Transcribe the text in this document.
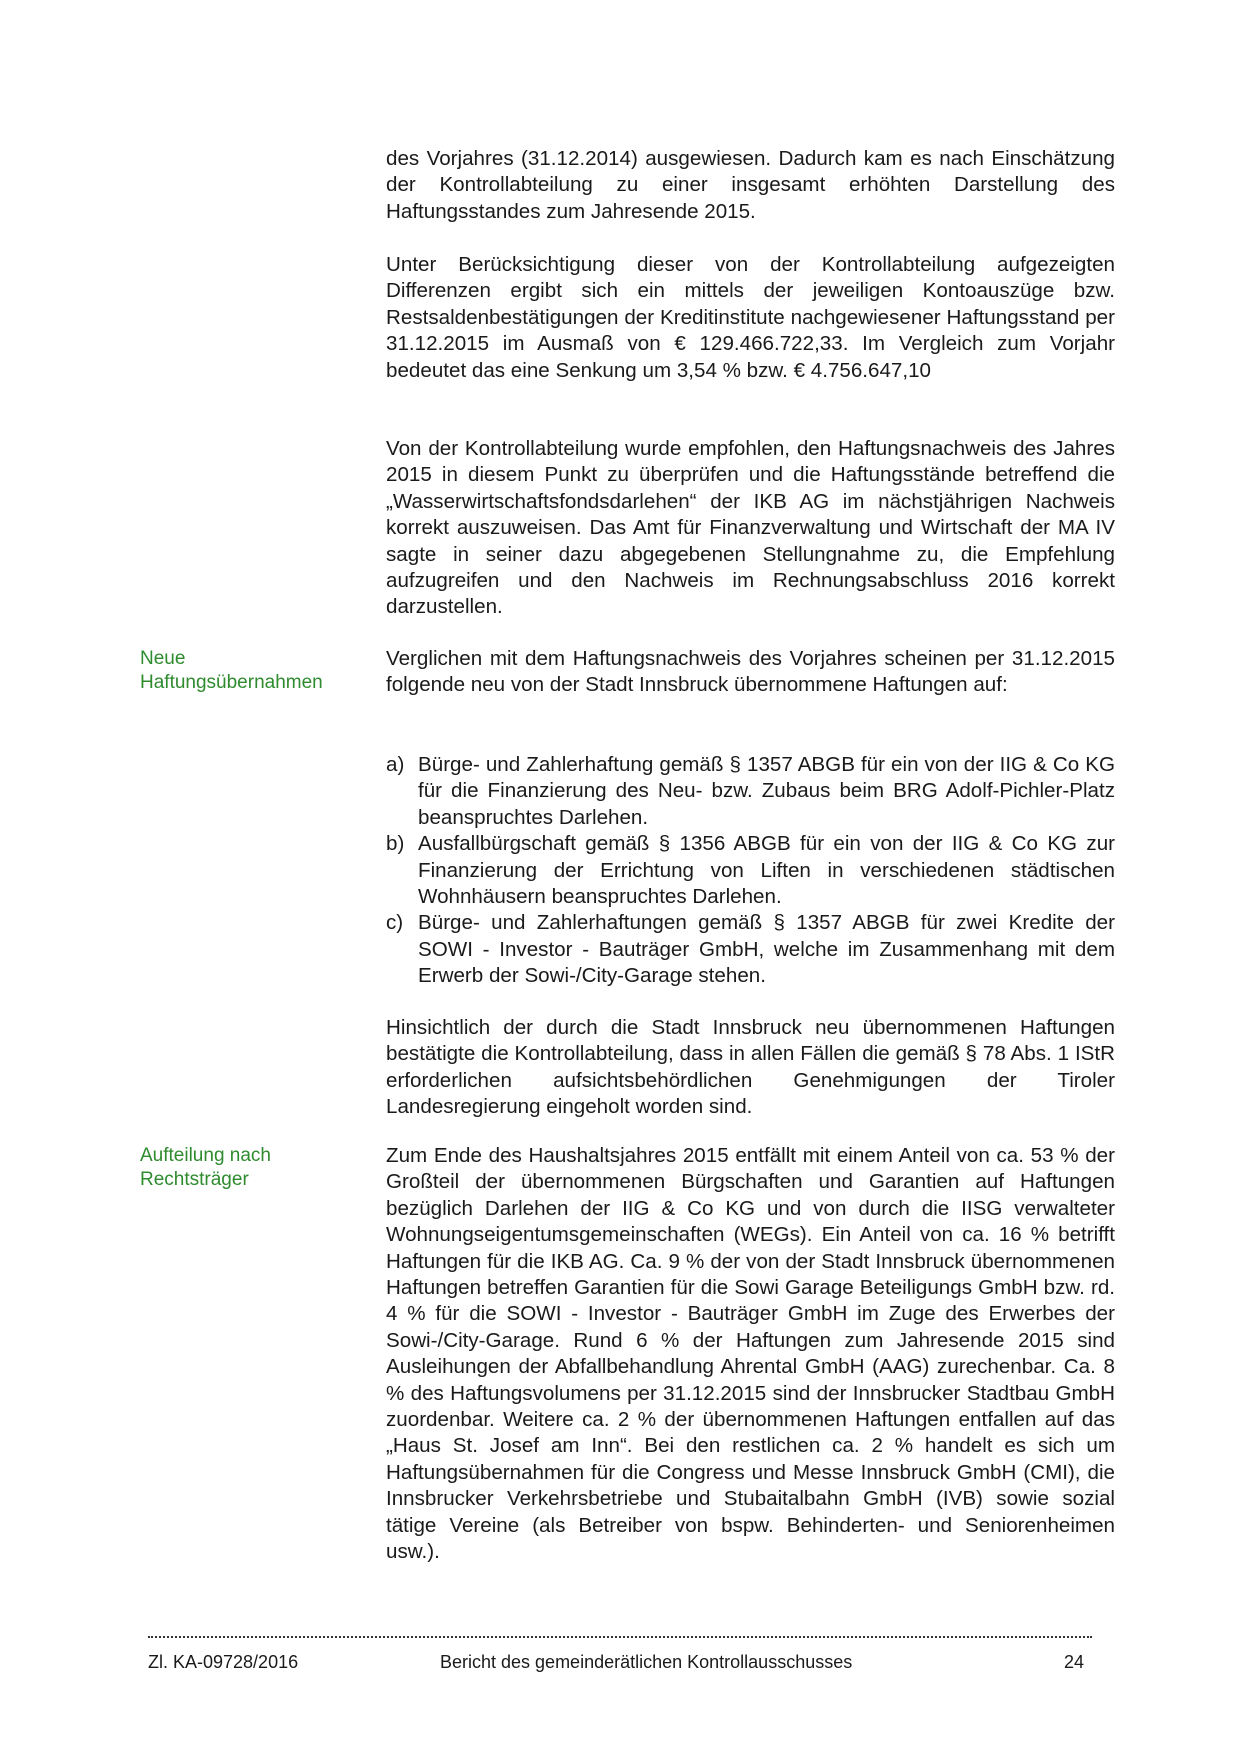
des Vorjahres (31.12.2014) ausgewiesen. Dadurch kam es nach Einschätzung der Kontrollabteilung zu einer insgesamt erhöhten Darstellung des Haftungsstandes zum Jahresende 2015.

Unter Berücksichtigung dieser von der Kontrollabteilung aufgezeigten Differenzen ergibt sich ein mittels der jeweiligen Kontoauszüge bzw. Restsaldenbestätigungen der Kreditinstitute nachgewiesener Haftungsstand per 31.12.2015 im Ausmaß von € 129.466.722,33. Im Vergleich zum Vorjahr bedeutet das eine Senkung um 3,54 % bzw. € 4.756.647,10

Von der Kontrollabteilung wurde empfohlen, den Haftungsnachweis des Jahres 2015 in diesem Punkt zu überprüfen und die Haftungsstände betreffend die „Wasserwirtschaftsfondsdarlehen“ der IKB AG im nächstjährigen Nachweis korrekt auszuweisen. Das Amt für Finanzverwaltung und Wirtschaft der MA IV sagte in seiner dazu abgegebenen Stellungnahme zu, die Empfehlung aufzugreifen und den Nachweis im Rechnungsabschluss 2016 korrekt darzustellen.

Neue
Haftungsübernahmen

Verglichen mit dem Haftungsnachweis des Vorjahres scheinen per 31.12.2015 folgende neu von der Stadt Innsbruck übernommene Haftungen auf:

a) Bürge- und Zahlerhaftung gemäß § 1357 ABGB für ein von der IIG & Co KG für die Finanzierung des Neu- bzw. Zubaus beim BRG Adolf-Pichler-Platz beanspruchtes Darlehen.
b) Ausfallbürgschaft gemäß § 1356 ABGB für ein von der IIG & Co KG zur Finanzierung der Errichtung von Liften in verschiedenen städtischen Wohnhäusern beanspruchtes Darlehen.
c) Bürge- und Zahlerhaftungen gemäß § 1357 ABGB für zwei Kredite der SOWI - Investor - Bauträger GmbH, welche im Zusammenhang mit dem Erwerb der Sowi-/City-Garage stehen.

Hinsichtlich der durch die Stadt Innsbruck neu übernommenen Haftungen bestätigte die Kontrollabteilung, dass in allen Fällen die gemäß § 78 Abs. 1 IStR erforderlichen aufsichtsbehördlichen Genehmigungen der Tiroler Landesregierung eingeholt worden sind.

Aufteilung nach
Rechtsträger

Zum Ende des Haushaltsjahres 2015 entfällt mit einem Anteil von ca. 53 % der Großteil der übernommenen Bürgschaften und Garantien auf Haftungen bezüglich Darlehen der IIG & Co KG und von durch die IISG verwalteter Wohnungseigentumsgemeinschaften (WEGs). Ein Anteil von ca. 16 % betrifft Haftungen für die IKB AG. Ca. 9 % der von der Stadt Innsbruck übernommenen Haftungen betreffen Garantien für die Sowi Garage Beteiligungs GmbH bzw. rd. 4 % für die SOWI - Investor - Bauträger GmbH im Zuge des Erwerbes der Sowi-/City-Garage. Rund 6 % der Haftungen zum Jahresende 2015 sind Ausleihungen der Abfallbehandlung Ahrental GmbH (AAG) zurechenbar. Ca. 8 % des Haftungsvolumens per 31.12.2015 sind der Innsbrucker Stadtbau GmbH zuordenbar. Weitere ca. 2 % der übernommenen Haftungen entfallen auf das „Haus St. Josef am Inn“. Bei den restlichen ca. 2 % handelt es sich um Haftungsübernahmen für die Congress und Messe Innsbruck GmbH (CMI), die Innsbrucker Verkehrsbetriebe und Stubaitalbahn GmbH (IVB) sowie sozial tätige Vereine (als Betreiber von bspw. Behinderten- und Seniorenheimen usw.).

Zl. KA-09728/2016	Bericht des gemeinderätlichen Kontrollausschusses	24
